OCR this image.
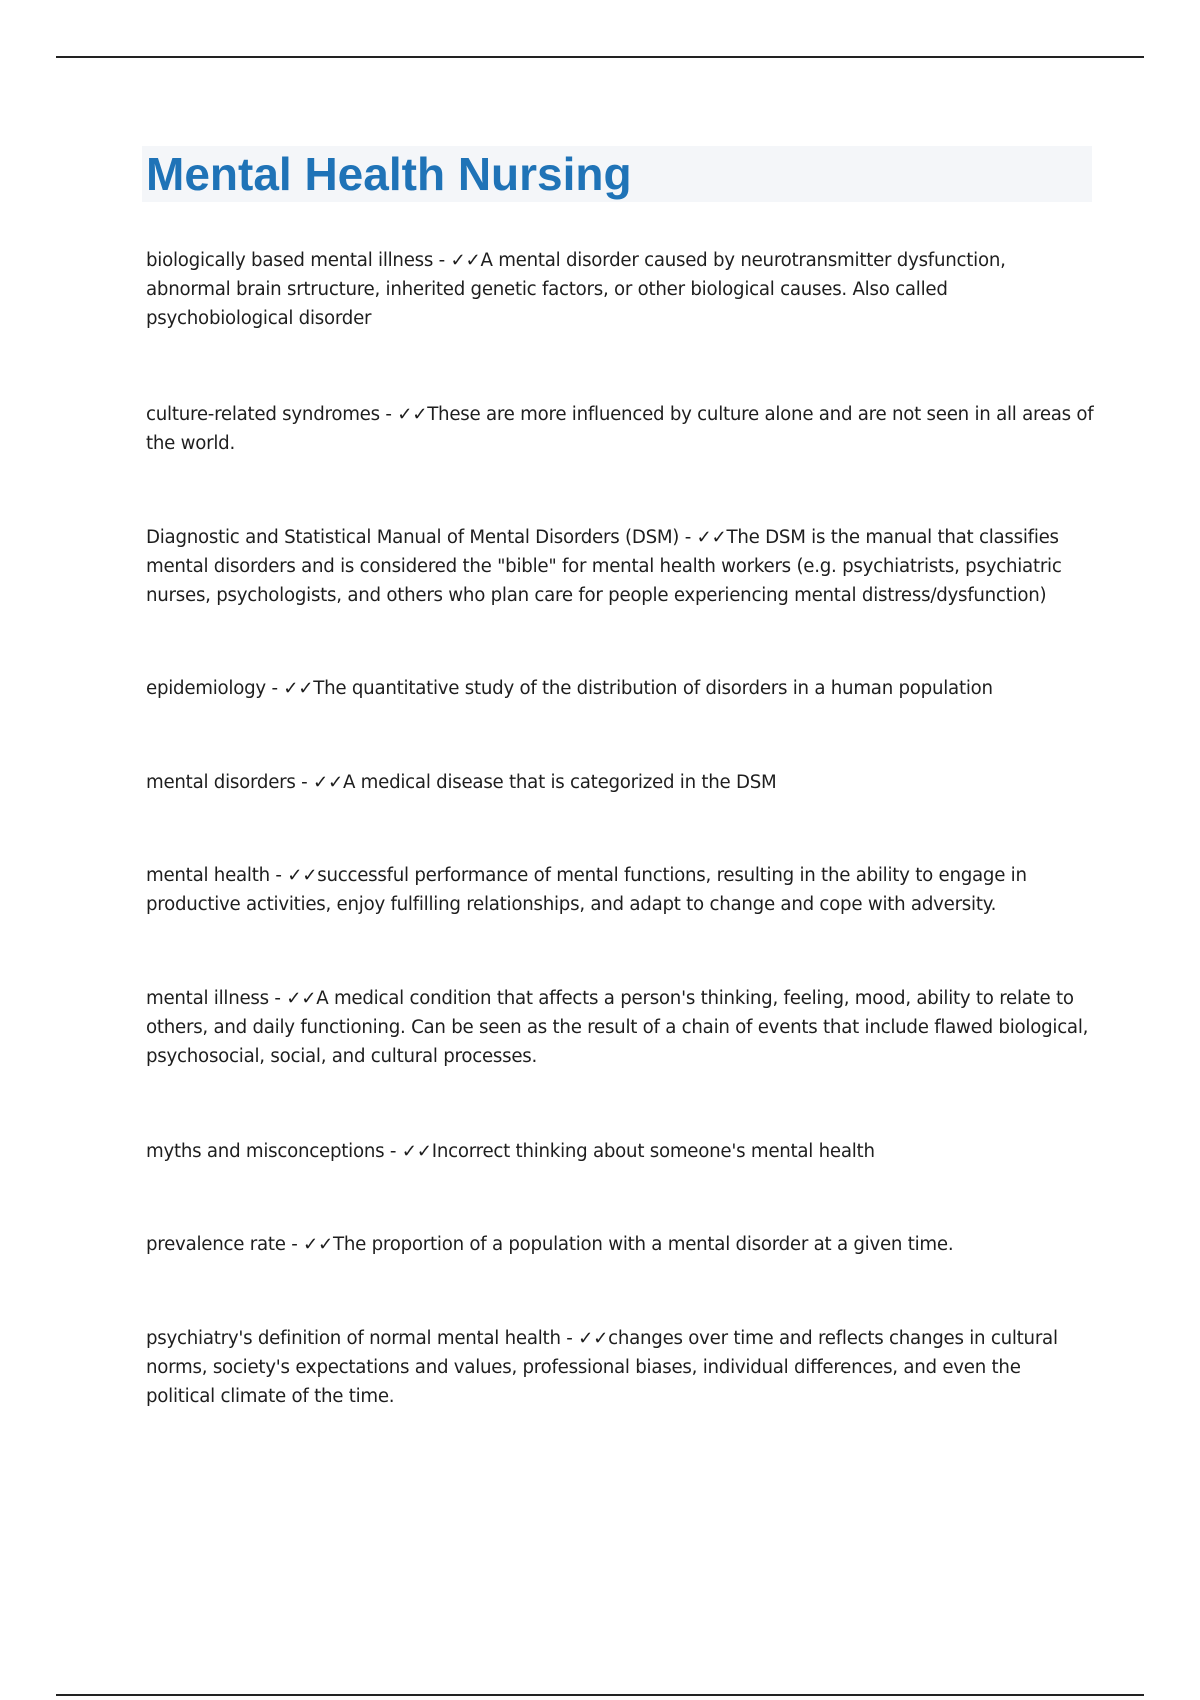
Mental Health Nursing

biologically based mental illness - ✓✓A mental disorder caused by neurotransmitter dysfunction, abnormal brain srtructure, inherited genetic factors, or other biological causes. Also called psychobiological disorder

culture-related syndromes - ✓✓These are more influenced by culture alone and are not seen in all areas of the world.

Diagnostic and Statistical Manual of Mental Disorders (DSM) - ✓✓The DSM is the manual that classifies mental disorders and is considered the "bible" for mental health workers (e.g. psychiatrists, psychiatric nurses, psychologists, and others who plan care for people experiencing mental distress/dysfunction)

epidemiology - ✓✓The quantitative study of the distribution of disorders in a human population

mental disorders - ✓✓A medical disease that is categorized in the DSM

mental health - ✓✓successful performance of mental functions, resulting in the ability to engage in productive activities, enjoy fulfilling relationships, and adapt to change and cope with adversity.

mental illness - ✓✓A medical condition that affects a person's thinking, feeling, mood, ability to relate to others, and daily functioning. Can be seen as the result of a chain of events that include flawed biological, psychosocial, social, and cultural processes.

myths and misconceptions - ✓✓Incorrect thinking about someone's mental health

prevalence rate - ✓✓The proportion of a population with a mental disorder at a given time.

psychiatry's definition of normal mental health - ✓✓changes over time and reflects changes in cultural norms, society's expectations and values, professional biases, individual differences, and even the political climate of the time.
